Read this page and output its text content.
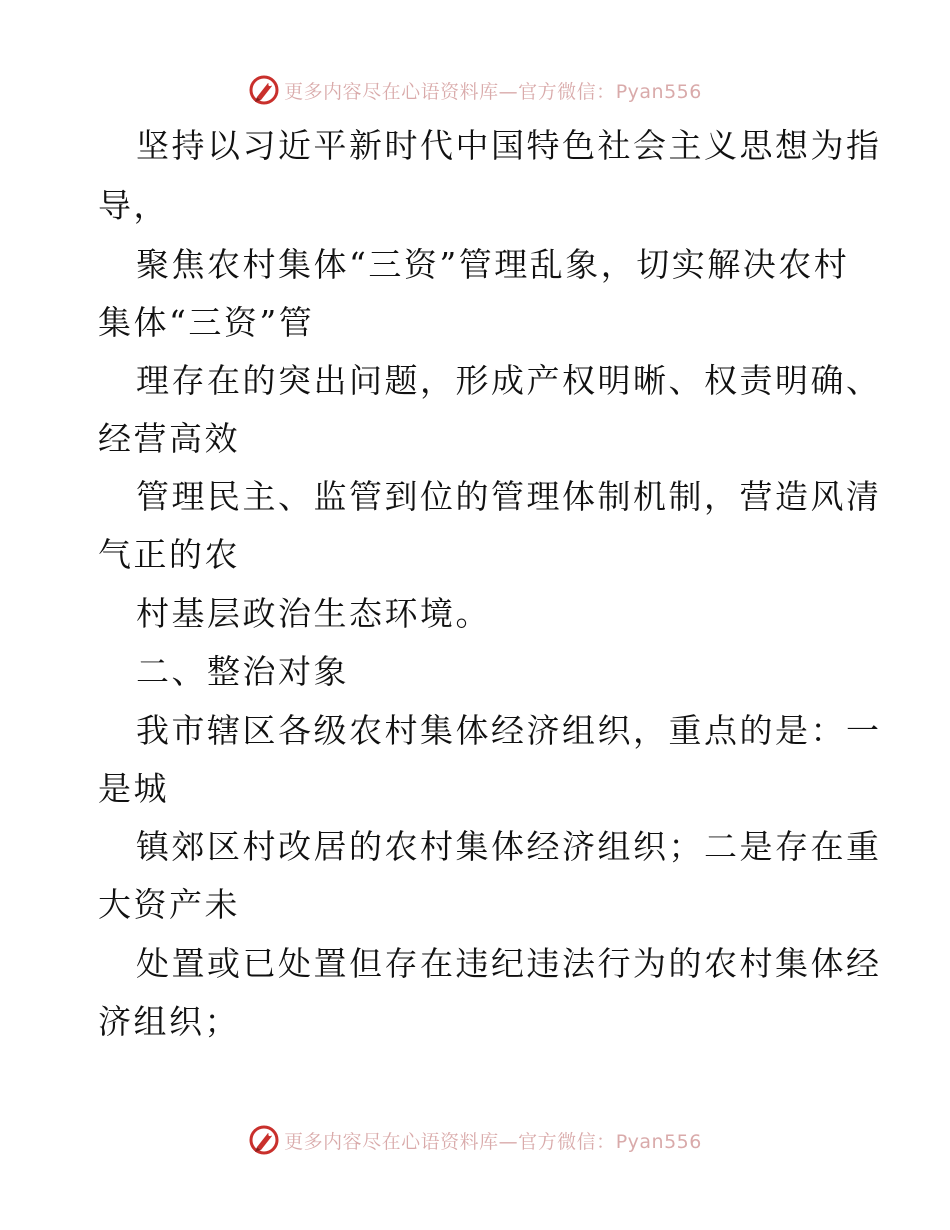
更多内容尽在心语资料库—官方微信：Pyan556
坚持以习近平新时代中国特色社会主义思想为指
导，
聚焦农村集体“三资”管理乱象，切实解决农村
集体“三资”管
理存在的突出问题，形成产权明晰、权责明确、
经营高效
管理民主、监管到位的管理体制机制，营造风清
气正的农
村基层政治生态环境。
二、整治对象
我市辖区各级农村集体经济组织，重点的是：一
是城
镇郊区村改居的农村集体经济组织；二是存在重
大资产未
处置或已处置但存在违纪违法行为的农村集体经
济组织；
更多内容尽在心语资料库—官方微信：Pyan556
